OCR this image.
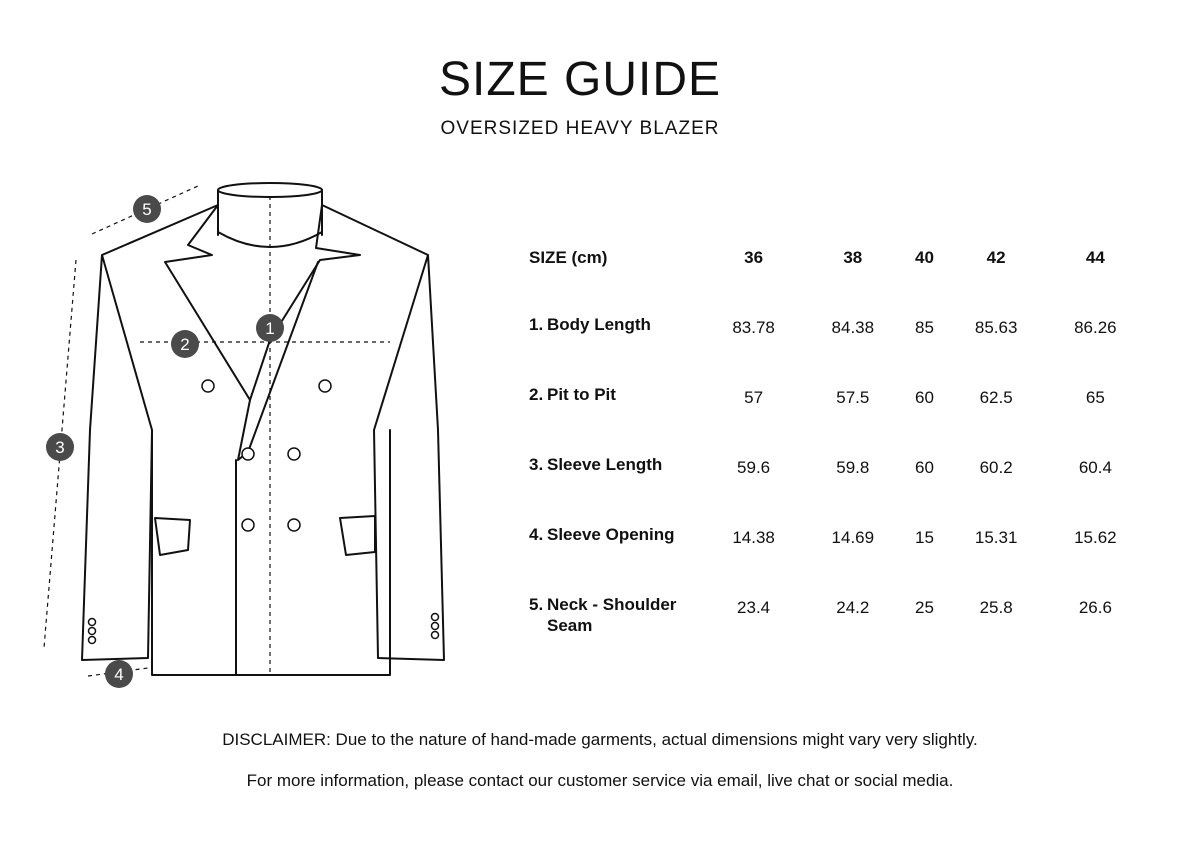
SIZE GUIDE
OVERSIZED HEAVY BLAZER
1
2
3
4
5
SIZE (cm)	36	38	40	42	44
1. Body Length	83.78	84.38	85	85.63	86.26
2. Pit to Pit	57	57.5	60	62.5	65
3. Sleeve Length	59.6	59.8	60	60.2	60.4
4. Sleeve Opening	14.38	14.69	15	15.31	15.62
5. Neck - Shoulder Seam	23.4	24.2	25	25.8	26.6
DISCLAIMER: Due to the nature of hand-made garments, actual dimensions might vary very slightly.
For more information, please contact our customer service via email, live chat or social media.
